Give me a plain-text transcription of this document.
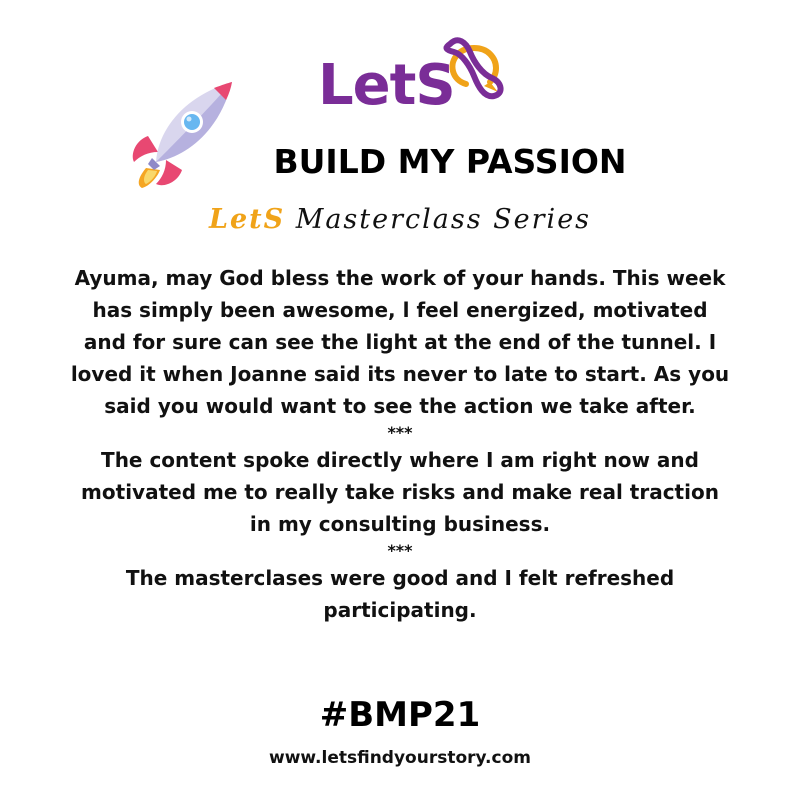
LetS
BUILD MY PASSION
LetS Masterclass Series

Ayuma, may God bless the work of your hands. This week has simply been awesome, l feel energized, motivated and for sure can see the light at the end of the tunnel. I loved it when Joanne said its never to late to start. As you said you would want to see the action we take after.

***

The content spoke directly where I am right now and motivated me to really take risks and make real traction in my consulting business.

***

The masterclases were good and I felt refreshed participating.

#BMP21
www.letsfindyourstory.com
